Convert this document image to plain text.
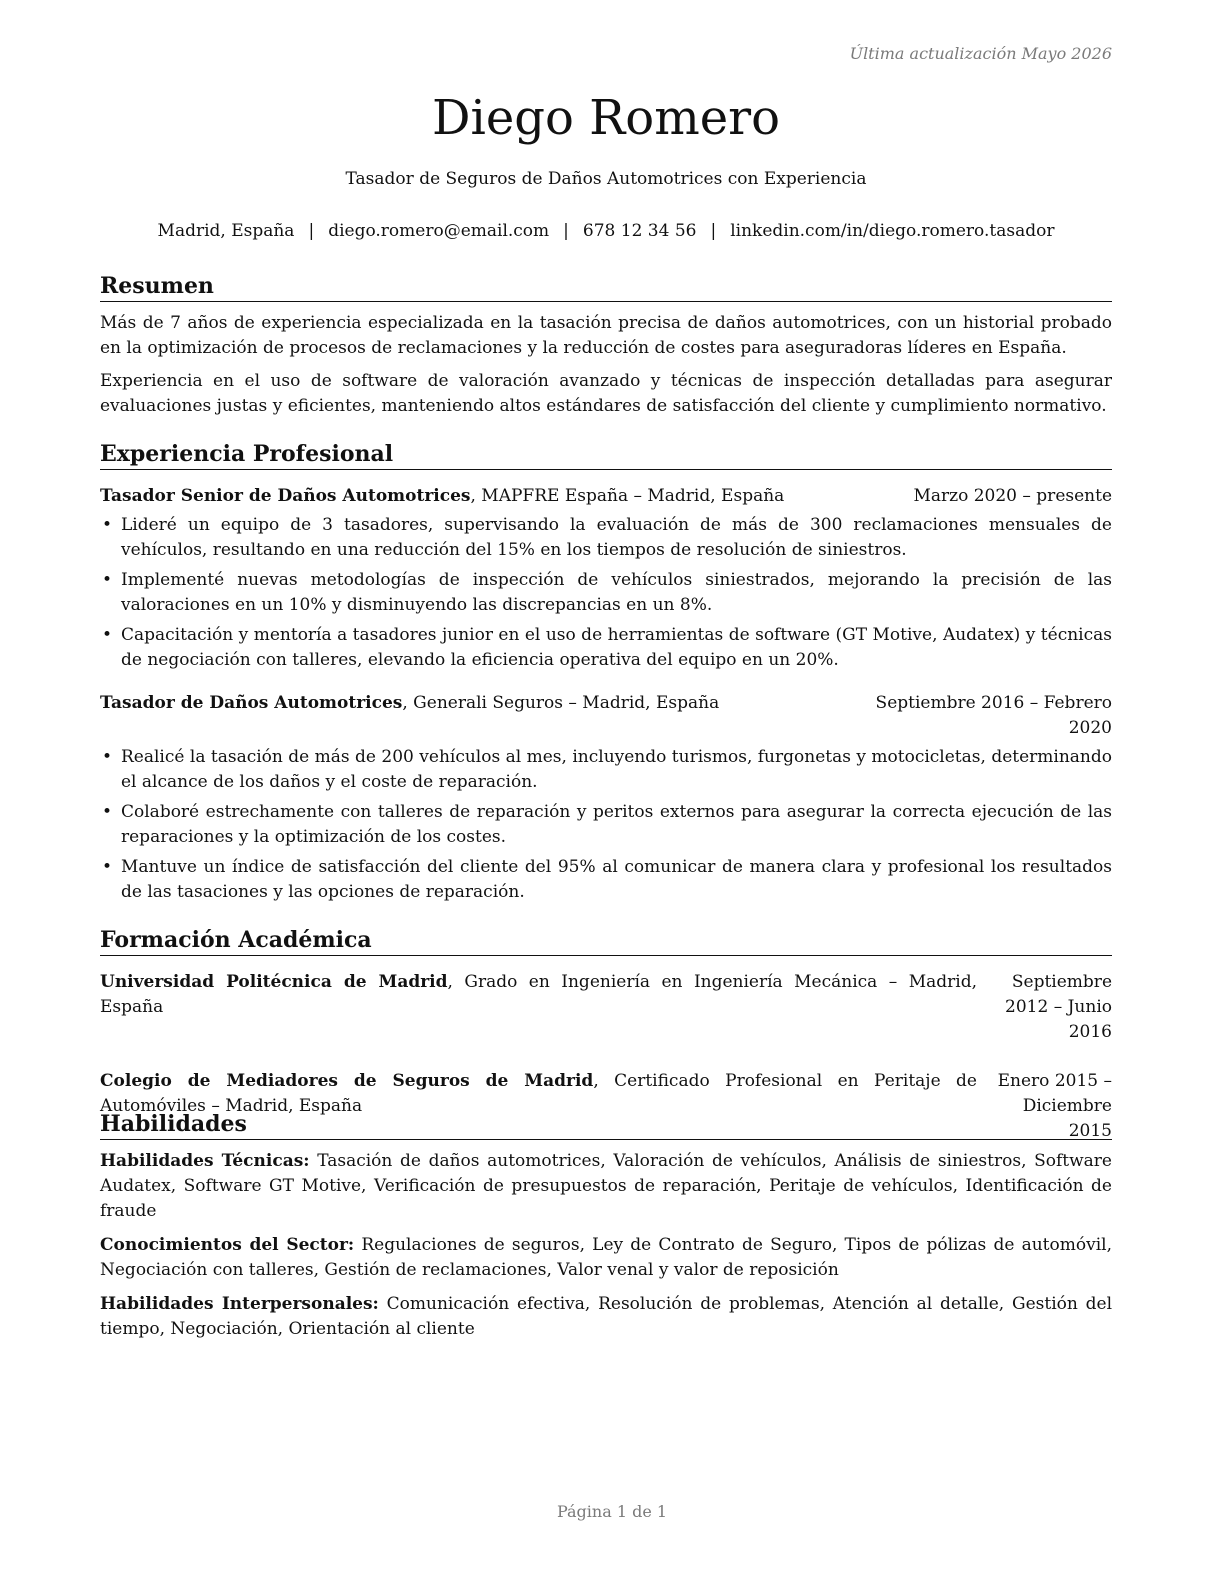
Última actualización Mayo 2026
Diego Romero
Tasador de Seguros de Daños Automotrices con Experiencia
Madrid, España | diego.romero@email.com | 678 12 34 56 | linkedin.com/in/diego.romero.tasador
Resumen
Más de 7 años de experiencia especializada en la tasación precisa de daños automotrices, con un historial probado en la optimización de procesos de reclamaciones y la reducción de costes para aseguradoras líderes en España.
Experiencia en el uso de software de valoración avanzado y técnicas de inspección detalladas para asegurar evaluaciones justas y eficientes, manteniendo altos estándares de satisfacción del cliente y cumplimiento normativo.
Experiencia Profesional
Tasador Senior de Daños Automotrices, MAPFRE España – Madrid, España	Marzo 2020 – presente
• Lideré un equipo de 3 tasadores, supervisando la evaluación de más de 300 reclamaciones mensuales de vehículos, resultando en una reducción del 15% en los tiempos de resolución de siniestros.
• Implementé nuevas metodologías de inspección de vehículos siniestrados, mejorando la precisión de las valoraciones en un 10% y disminuyendo las discrepancias en un 8%.
• Capacitación y mentoría a tasadores junior en el uso de herramientas de software (GT Motive, Audatex) y técnicas de negociación con talleres, elevando la eficiencia operativa del equipo en un 20%.
Tasador de Daños Automotrices, Generali Seguros – Madrid, España	Septiembre 2016 – Febrero 2020
• Realicé la tasación de más de 200 vehículos al mes, incluyendo turismos, furgonetas y motocicletas, determinando el alcance de los daños y el coste de reparación.
• Colaboré estrechamente con talleres de reparación y peritos externos para asegurar la correcta ejecución de las reparaciones y la optimización de los costes.
• Mantuve un índice de satisfacción del cliente del 95% al comunicar de manera clara y profesional los resultados de las tasaciones y las opciones de reparación.
Formación Académica
Universidad Politécnica de Madrid, Grado en Ingeniería en Ingeniería Mecánica – Madrid, España
Septiembre 2012 – Junio 2016
Colegio de Mediadores de Seguros de Madrid, Certificado Profesional en Peritaje de Automóviles – Madrid, España
Enero 2015 – Diciembre 2015
Habilidades
Habilidades Técnicas: Tasación de daños automotrices, Valoración de vehículos, Análisis de siniestros, Software Audatex, Software GT Motive, Verificación de presupuestos de reparación, Peritaje de vehículos, Identificación de fraude
Conocimientos del Sector: Regulaciones de seguros, Ley de Contrato de Seguro, Tipos de pólizas de automóvil, Negociación con talleres, Gestión de reclamaciones, Valor venal y valor de reposición
Habilidades Interpersonales: Comunicación efectiva, Resolución de problemas, Atención al detalle, Gestión del tiempo, Negociación, Orientación al cliente
Página 1 de 1
